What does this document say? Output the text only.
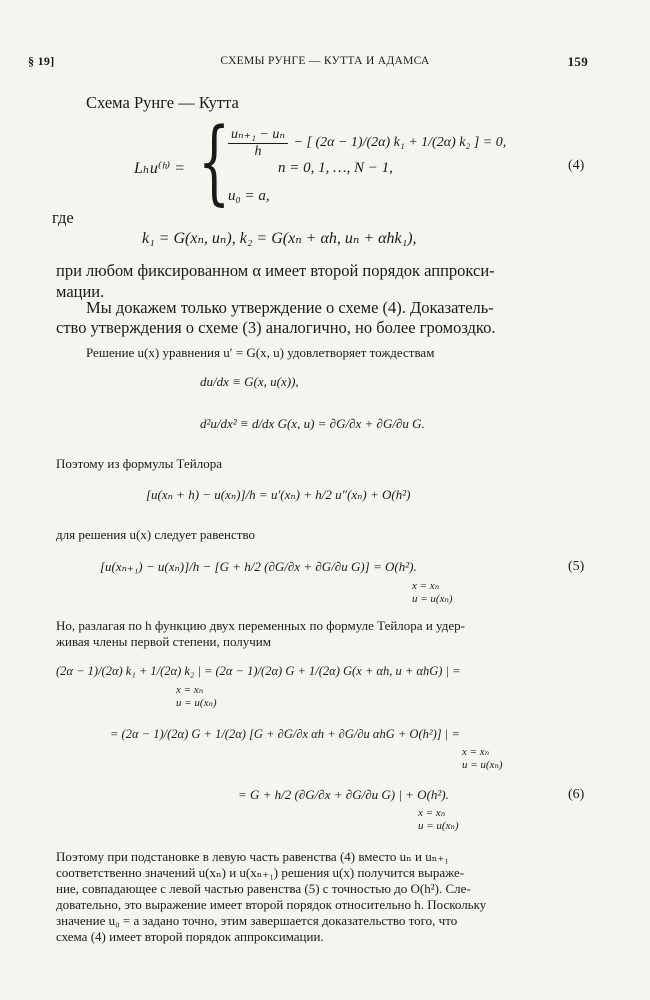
§ 19]	СХЕМЫ РУНГЕ — КУТТА И АДАМСА	159
Схема Рунге — Кутта
Lₕu⁽ʰ⁾ = {
$\frac{\text{uₙ₊₁ − uₙ}}{h}$ − [ (2α − 1)/(2α) k₁ + 1/(2α) k₂ ] = 0,
n = 0, 1, …, N − 1,
u₀ = a,
(4)
где
k₁ = G(xₙ, uₙ), k₂ = G(xₙ + αh, uₙ + αhk₁),
при любом фиксированном α имеет второй порядок аппрокси-
мации.
Мы докажем только утверждение о схеме (4). Доказатель-
ство утверждения о схеме (3) аналогично, но более громоздко.
Решение u(x) уравнения u′ = G(x, u) удовлетворяет тождествам
du/dx ≡ G(x, u(x)),
d²u/dx² ≡ d/dx G(x, u) = ∂G/∂x + ∂G/∂u G.
Поэтому из формулы Тейлора
[u(xₙ + h) − u(xₙ)]/h = u′(xₙ) + h/2 u″(xₙ) + O(h²)
для решения u(x) следует равенство
[u(xₙ₊₁) − u(xₙ)]/h − [G + h/2 (∂G/∂x + ∂G/∂u G)] = O(h²).
x = xₙ
u = u(xₙ)
(5)
Но, разлагая по h функцию двух переменных по формуле Тейлора и удер-
живая члены первой степени, получим
(2α − 1)/(2α) k₁ + 1/(2α) k₂ | = (2α − 1)/(2α) G + 1/(2α) G(x + αh, u + αhG) | =
x = xₙ
u = u(xₙ)
= (2α − 1)/(2α) G + 1/(2α) [G + ∂G/∂x αh + ∂G/∂u αhG + O(h²)] | =
x = xₙ
u = u(xₙ)
= G + h/2 (∂G/∂x + ∂G/∂u G) | + O(h²).
x = xₙ
u = u(xₙ)
(6)
Поэтому при подстановке в левую часть равенства (4) вместо uₙ и uₙ₊₁
соответственно значений u(xₙ) и u(xₙ₊₁) решения u(x) получится выраже-
ние, совпадающее с левой частью равенства (5) с точностью до O(h²). Сле-
довательно, это выражение имеет второй порядок относительно h. Поскольку
значение u₀ = a задано точно, этим завершается доказательство того, что
схема (4) имеет второй порядок аппроксимации.
